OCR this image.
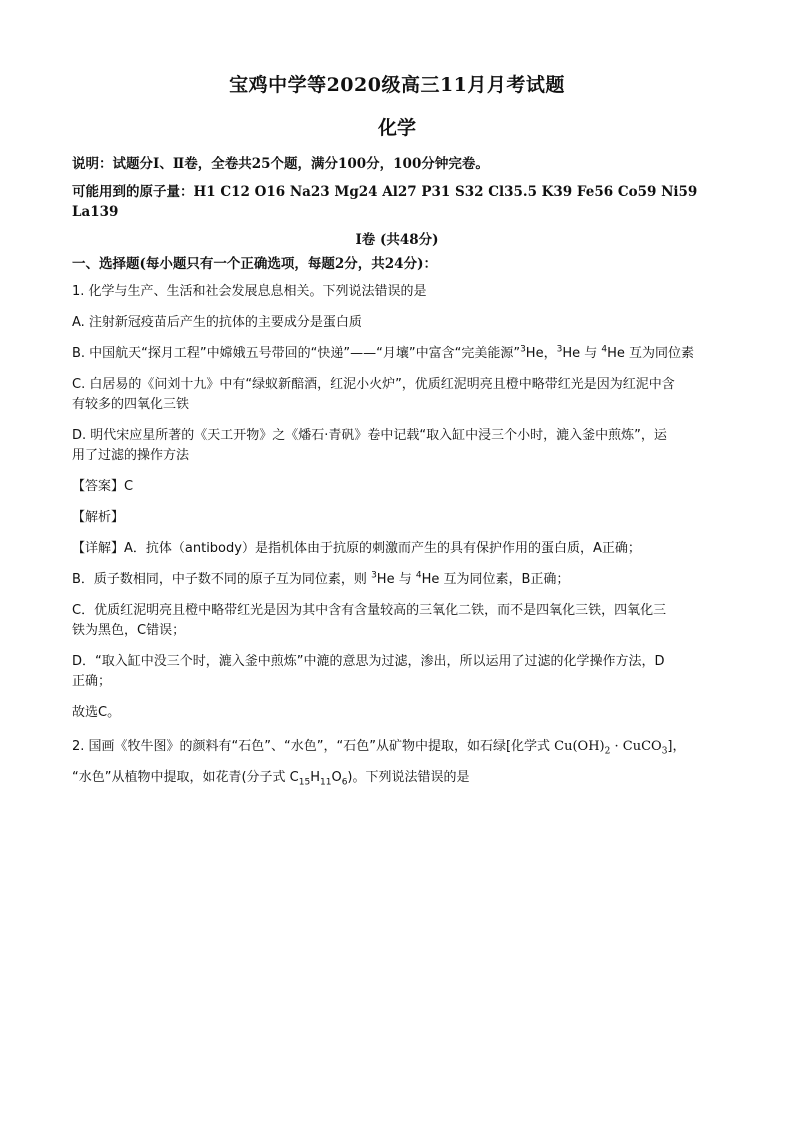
宝鸡中学等2020级高三11月月考试题
化学
说明：试题分Ⅰ、Ⅱ卷，全卷共25个题，满分100分，100分钟完卷。
可能用到的原子量：H1 C12 O16 Na23 Mg24 Al27 P31 S32 Cl35.5 K39 Fe56 Co59 Ni59 La139
Ⅰ卷 (共48分)
一、选择题(每小题只有一个正确选项，每题2分，共24分)：
1. 化学与生产、生活和社会发展息息相关。下列说法错误的是
A. 注射新冠疫苗后产生的抗体的主要成分是蛋白质
B. 中国航天“探月工程”中嫦娥五号带回的“快递”——“月壤”中富含“完美能源”$^3$He，$^3$He 与 $^4$He 互为同位素
C. 白居易的《问刘十九》中有“绿蚁新醅酒，红泥小火炉”，优质红泥明亮且橙中略带红光是因为红泥中含
有较多的四氧化三铁
D. 明代宋应星所著的《天工开物》之《燔石·青矾》卷中记载“取入缸中浸三个小时，漉入釜中煎炼”，运
用了过滤的操作方法
【答案】C
【解析】
【详解】A．抗体（antibody）是指机体由于抗原的刺激而产生的具有保护作用的蛋白质，A正确；
B．质子数相同，中子数不同的原子互为同位素，则 $^3$He 与 $^4$He 互为同位素，B正确；
C．优质红泥明亮且橙中略带红光是因为其中含有含量较高的三氧化二铁，而不是四氧化三铁，四氧化三
铁为黑色，C错误；
D．“取入缸中没三个时，漉入釜中煎炼”中漉的意思为过滤，渗出，所以运用了过滤的化学操作方法，D
正确；
故选C。
2. 国画《牧牛图》的颜料有“石色”、“水色”，“石色”从矿物中提取，如石绿[化学式 $Cu(OH)_2$ · CuCO$_3$]，
“水色”从植物中提取，如花青(分子式 $C_{15}H_{11}O_6$)。下列说法错误的是
